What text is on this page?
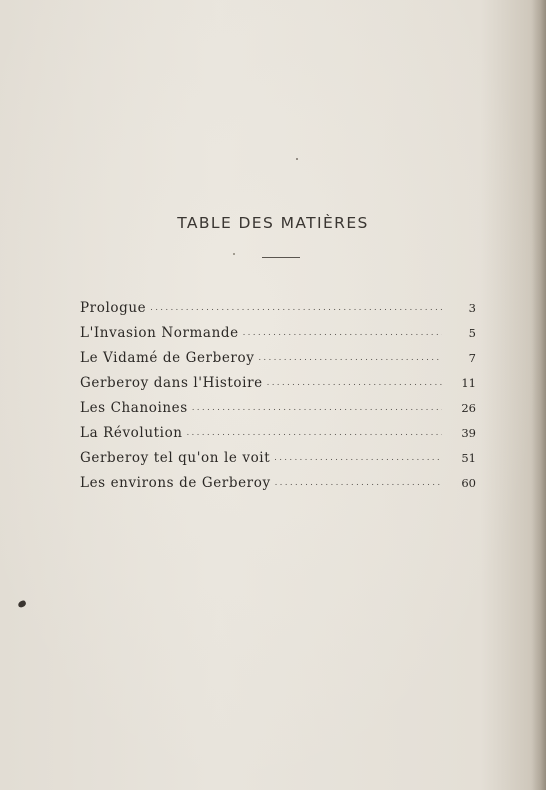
TABLE DES MATIÈRES
Prologue . . .	3
L'Invasion Normande . . .	5
Le Vidamé de Gerberoy . . .	7
Gerberoy dans l'Histoire . . .	11
Les Chanoines . . .	26
La Révolution . . .	39
Gerberoy tel qu'on le voit . . .	51
Les environs de Gerberoy . . .	60
